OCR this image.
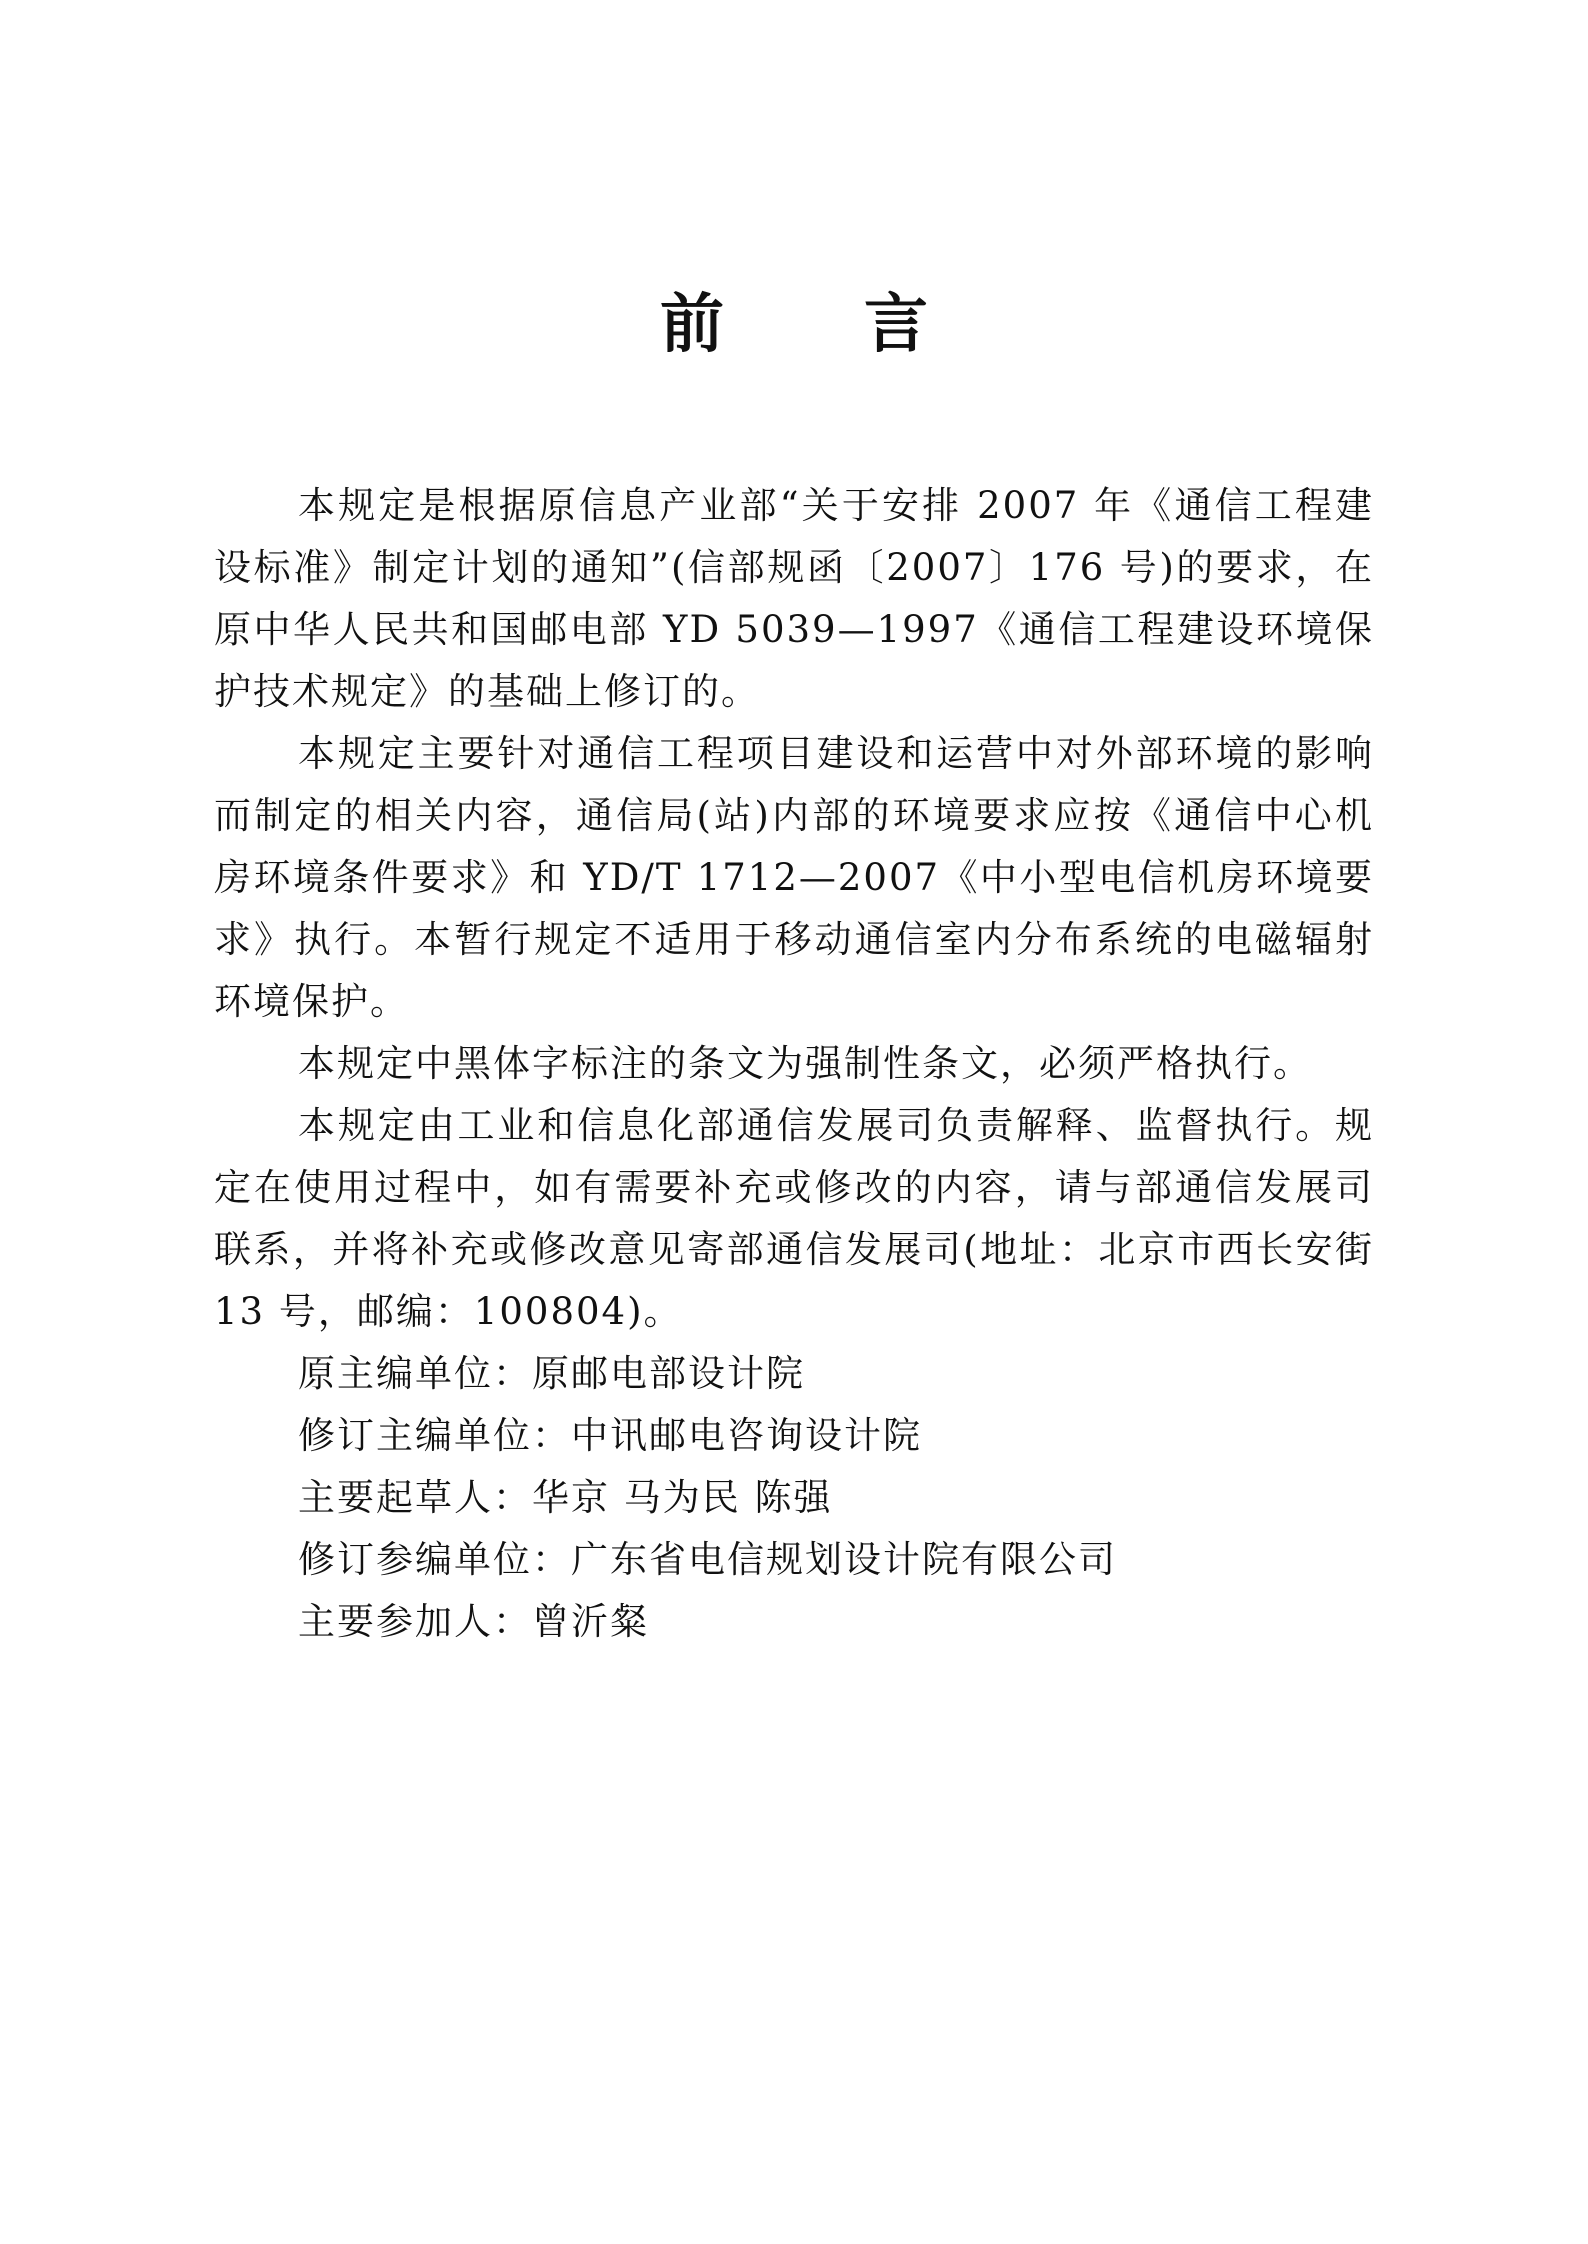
前 言

本规定是根据原信息产业部“关于安排 2007 年《通信工程建设标准》制定计划的通知”(信部规函〔2007〕176 号)的要求，在原中华人民共和国邮电部 YD 5039—1997《通信工程建设环境保护技术规定》的基础上修订的。

本规定主要针对通信工程项目建设和运营中对外部环境的影响而制定的相关内容，通信局(站)内部的环境要求应按《通信中心机房环境条件要求》和 YD/T 1712—2007《中小型电信机房环境要求》执行。本暂行规定不适用于移动通信室内分布系统的电磁辐射环境保护。

本规定中黑体字标注的条文为强制性条文，必须严格执行。

本规定由工业和信息化部通信发展司负责解释、监督执行。规定在使用过程中，如有需要补充或修改的内容，请与部通信发展司联系，并将补充或修改意见寄部通信发展司(地址：北京市西长安街 13 号，邮编：100804)。

原主编单位：原邮电部设计院

修订主编单位：中讯邮电咨询设计院

主要起草人：华京 马为民 陈强

修订参编单位：广东省电信规划设计院有限公司

主要参加人：曾沂粲
